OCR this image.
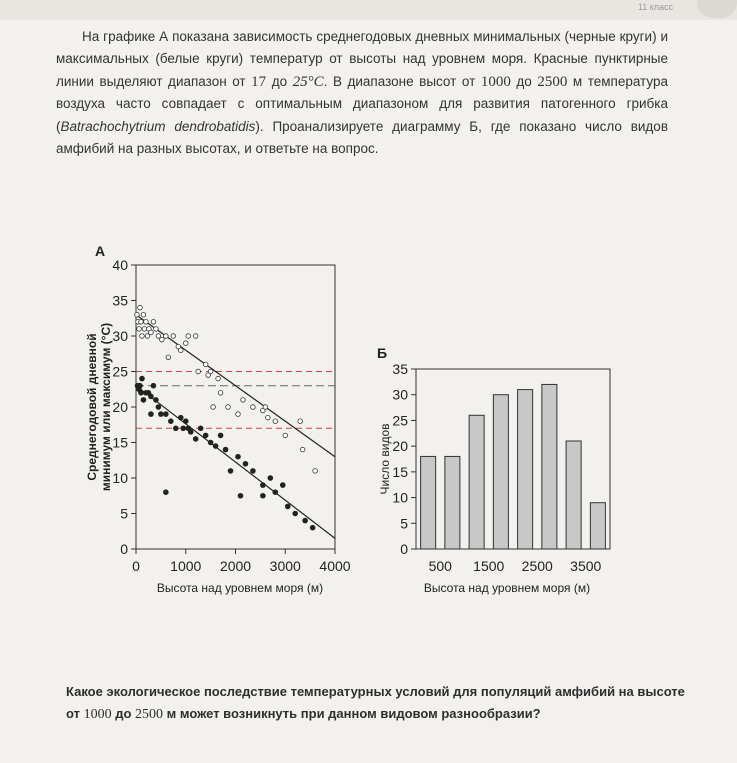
11 класс
На графике А показана зависимость среднегодовых дневных минимальных (черные круги) и максимальных (белые круги) температур от высоты над уровнем моря. Красные пунктирные линии выделяют диапазон от 17 до 25°C. В диапазоне высот от 1000 до 2500 м температура воздуха часто совпадает с оптимальным диапазоном для развития патогенного грибка (Batrachochytrium dendrobatidis). Проанализируете диаграмму Б, где показано число видов амфибий на разных высотах, и ответьте на вопрос.
А
0
5
10
15
20
25
30
35
40
0 1000 2000 3000 4000
Среднегодовой дневной минимум или максимум (°C)
Высота над уровнем моря (м)
Б
0
5
10
15
20
25
30
35
500 1500 2500 3500
Число видов
Высота над уровнем моря (м)
Какое экологическое последствие температурных условий для популяций амфибий на высоте от 1000 до 2500 м может возникнуть при данном видовом разнообразии?
